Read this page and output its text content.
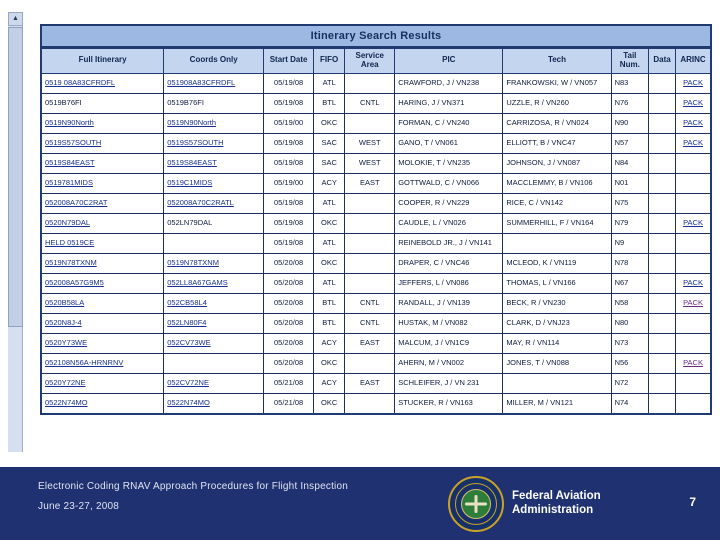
▲
Itinerary Search Results
Full Itinerary	Coords Only	Start Date	FIFO	Service Area	PIC	Tech	Tail Num.	Data	ARINC
0519 08A83CFRDFL	051908A83CFRDFL	05/19/08	ATL		CRAWFORD, J / VN238	FRANKOWSKI, W / VN057	N83		PACK
0519B76FI	0519B76FI	05/19/08	BTL	CNTL	HARING, J / VN371	UZZLE, R / VN260	N76		PACK
0519N90North	0519N90North	05/19/00	OKC		FORMAN, C / VN240	CARRIZOSA, R / VN024	N90		PACK
0519S57SOUTH	0519S57SOUTH	05/19/08	SAC	WEST	GANO, T / VN061	ELLIOTT, B / VNC47	N57		PACK
0519S84EAST	0519S84EAST	05/19/08	SAC	WEST	MOLOKIE, T / VN235	JOHNSON, J / VN087	N84		
0519781MIDS	0519C1MIDS	05/19/00	ACY	EAST	GOTTWALD, C / VN066	MACCLEMMY, B / VN106	N01		
052008A70C2RAT	052008A70C2RATL	05/19/08	ATL		COOPER, R / VN229	RICE, C / VN142	N75		
0520N79DAL	052LN79DAL	05/19/08	OKC		CAUDLE, L / VN026	SUMMERHILL, F / VN164	N79		PACK
HELD 0519CE		05/19/08	ATL		REINEBOLD JR., J / VN141		N9		
0519N78TXNM	0519N78TXNM	05/20/08	OKC		DRAPER, C / VNC46	MCLEOD, K / VN119	N78		
052008A57G9M5	052LL8A67GAMS	05/20/08	ATL		JEFFERS, L / VN086	THOMAS, L / VN166	N67		PACK
0520B58LA	052CB58L4	05/20/08	BTL	CNTL	RANDALL, J / VN139	BECK, R / VN230	N58		PACK
0520N8J-4	052LN80F4	05/20/08	BTL	CNTL	HUSTAK, M / VN082	CLARK, D / VNJ23	N80		
0520Y73WE	052CV73WE	05/20/08	ACY	EAST	MALCUM, J / VN1C9	MAY, R / VN114	N73		
052108N56A-HRNRNV		05/20/08	OKC		AHERN, M / VN002	JONES, T / VN088	N56		PACK
0520Y72NE	052CV72NE	05/21/08	ACY	EAST	SCHLEIFER, J / VN 231		N72		
0522N74MO	0522N74MO	05/21/08	OKC		STUCKER, R / VN163	MILLER, M / VN121	N74		
Electronic Coding RNAV Approach Procedures for Flight Inspection
June 23-27, 2008
Federal Aviation
Administration
7
